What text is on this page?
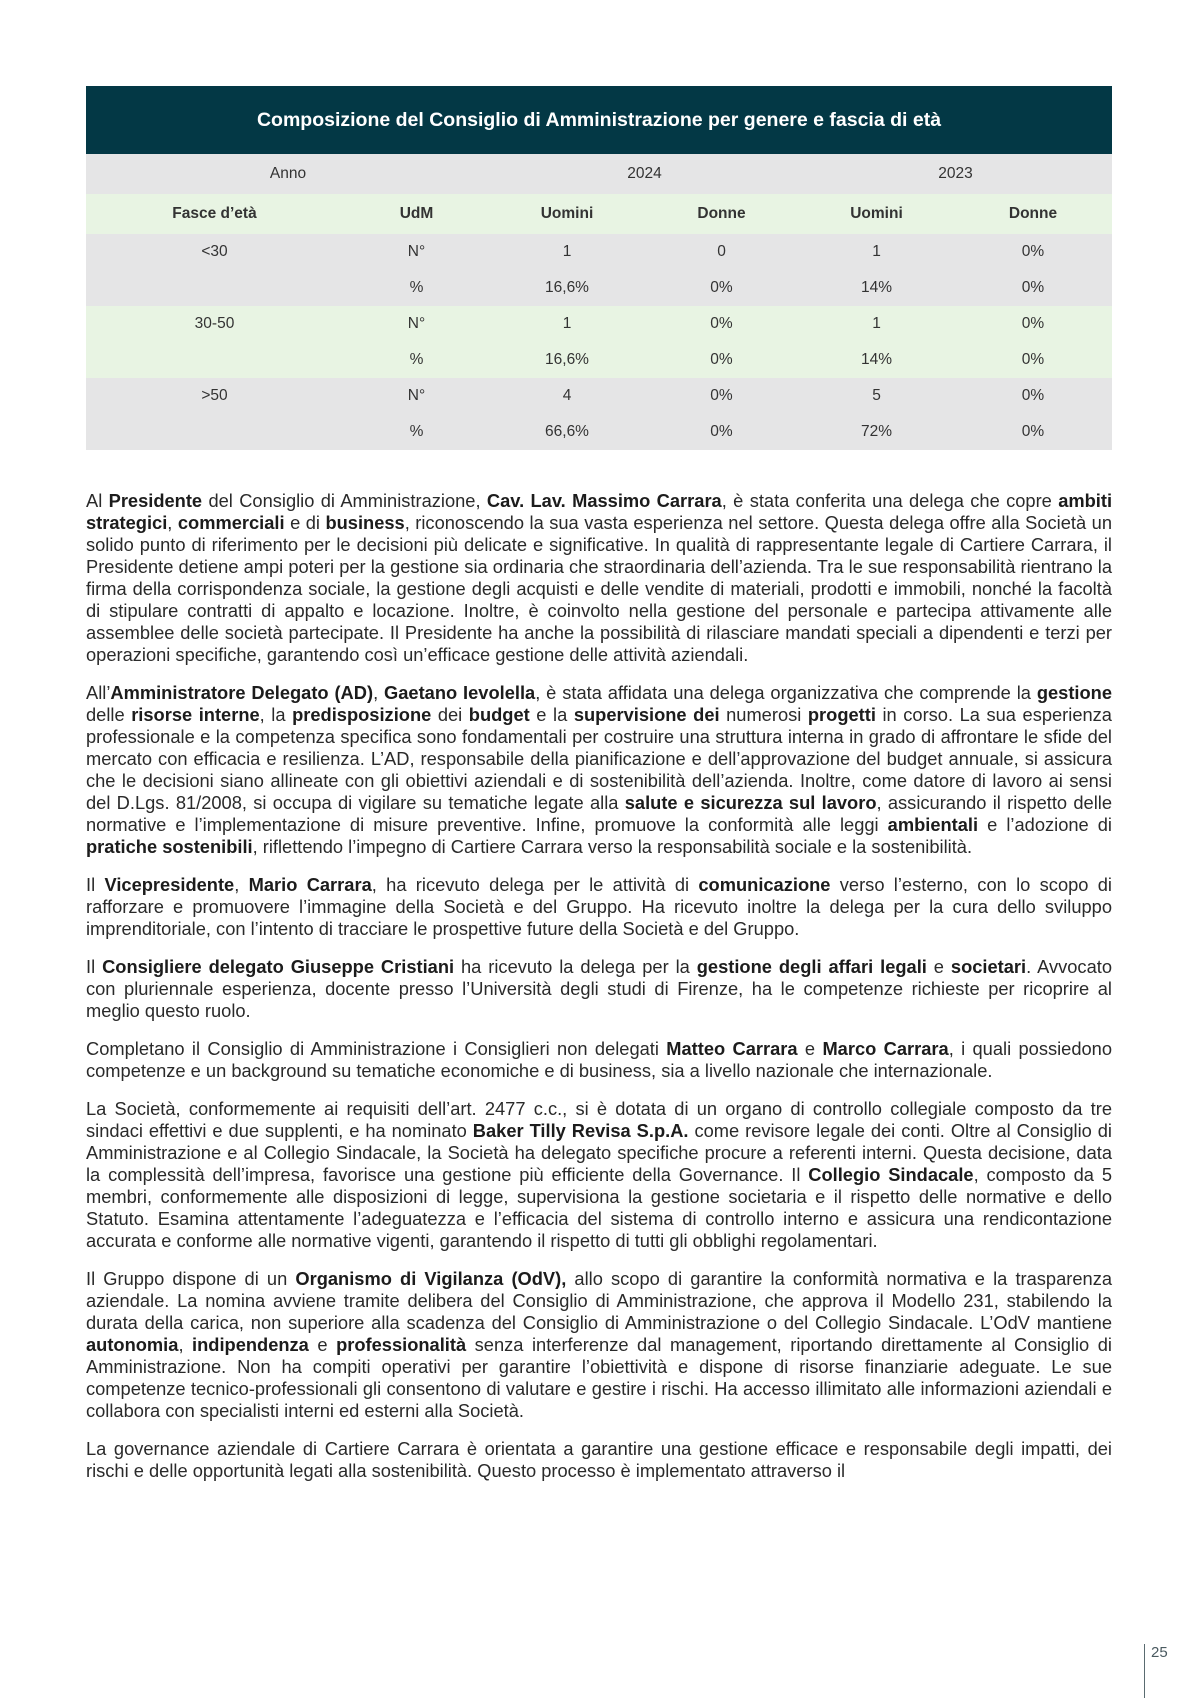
Composizione del Consiglio di Amministrazione per genere e fascia di età					
Anno		2024		2023	
Fasce d’età	UdM	Uomini	Donne	Uomini	Donne
<30	N°	1	0	1	0%
	%	16,6%	0%	14%	0%
30-50	N°	1	0%	1	0%
	%	16,6%	0%	14%	0%
>50	N°	4	0%	5	0%
	%	66,6%	0%	72%	0%

Al Presidente del Consiglio di Amministrazione, Cav. Lav. Massimo Carrara, è stata conferita una delega che copre ambiti strategici, commerciali e di business, riconoscendo la sua vasta esperienza nel settore. Questa delega offre alla Società un solido punto di riferimento per le decisioni più delicate e significative. In qualità di rappresentante legale di Cartiere Carrara, il Presidente detiene ampi poteri per la gestione sia ordinaria che straordinaria dell’azienda. Tra le sue responsabilità rientrano la firma della corrispondenza sociale, la gestione degli acquisti e delle vendite di materiali, prodotti e immobili, nonché la facoltà di stipulare contratti di appalto e locazione. Inoltre, è coinvolto nella gestione del personale e partecipa attivamente alle assemblee delle società partecipate. Il Presidente ha anche la possibilità di rilasciare mandati speciali a dipendenti e terzi per operazioni specifiche, garantendo così un’efficace gestione delle attività aziendali.

All’Amministratore Delegato (AD), Gaetano Ievolella, è stata affidata una delega organizzativa che comprende la gestione delle risorse interne, la predisposizione dei budget e la supervisione dei numerosi progetti in corso. La sua esperienza professionale e la competenza specifica sono fondamentali per costruire una struttura interna in grado di affrontare le sfide del mercato con efficacia e resilienza. L’AD, responsabile della pianificazione e dell’approvazione del budget annuale, si assicura che le decisioni siano allineate con gli obiettivi aziendali e di sostenibilità dell’azienda. Inoltre, come datore di lavoro ai sensi del D.Lgs. 81/2008, si occupa di vigilare su tematiche legate alla salute e sicurezza sul lavoro, assicurando il rispetto delle normative e l’implementazione di misure preventive. Infine, promuove la conformità alle leggi ambientali e l’adozione di pratiche sostenibili, riflettendo l’impegno di Cartiere Carrara verso la responsabilità sociale e la sostenibilità.

Il Vicepresidente, Mario Carrara, ha ricevuto delega per le attività di comunicazione verso l’esterno, con lo scopo di rafforzare e promuovere l’immagine della Società e del Gruppo. Ha ricevuto inoltre la delega per la cura dello sviluppo imprenditoriale, con l’intento di tracciare le prospettive future della Società e del Gruppo.

Il Consigliere delegato Giuseppe Cristiani ha ricevuto la delega per la gestione degli affari legali e societari. Avvocato con pluriennale esperienza, docente presso l’Università degli studi di Firenze, ha le competenze richieste per ricoprire al meglio questo ruolo.

Completano il Consiglio di Amministrazione i Consiglieri non delegati Matteo Carrara e Marco Carrara, i quali possiedono competenze e un background su tematiche economiche e di business, sia a livello nazionale che internazionale.

La Società, conformemente ai requisiti dell’art. 2477 c.c., si è dotata di un organo di controllo collegiale composto da tre sindaci effettivi e due supplenti, e ha nominato Baker Tilly Revisa S.p.A. come revisore legale dei conti. Oltre al Consiglio di Amministrazione e al Collegio Sindacale, la Società ha delegato specifiche procure a referenti interni. Questa decisione, data la complessità dell’impresa, favorisce una gestione più efficiente della Governance. Il Collegio Sindacale, composto da 5 membri, conformemente alle disposizioni di legge, supervisiona la gestione societaria e il rispetto delle normative e dello Statuto. Esamina attentamente l’adeguatezza e l’efficacia del sistema di controllo interno e assicura una rendicontazione accurata e conforme alle normative vigenti, garantendo il rispetto di tutti gli obblighi regolamentari.

Il Gruppo dispone di un Organismo di Vigilanza (OdV), allo scopo di garantire la conformità normativa e la trasparenza aziendale. La nomina avviene tramite delibera del Consiglio di Amministrazione, che approva il Modello 231, stabilendo la durata della carica, non superiore alla scadenza del Consiglio di Amministrazione o del Collegio Sindacale. L’OdV mantiene autonomia, indipendenza e professionalità senza interferenze dal management, riportando direttamente al Consiglio di Amministrazione. Non ha compiti operativi per garantire l’obiettività e dispone di risorse finanziarie adeguate. Le sue competenze tecnico-professionali gli consentono di valutare e gestire i rischi. Ha accesso illimitato alle informazioni aziendali e collabora con specialisti interni ed esterni alla Società.

La governance aziendale di Cartiere Carrara è orientata a garantire una gestione efficace e responsabile degli impatti, dei rischi e delle opportunità legati alla sostenibilità. Questo processo è implementato attraverso il

25
